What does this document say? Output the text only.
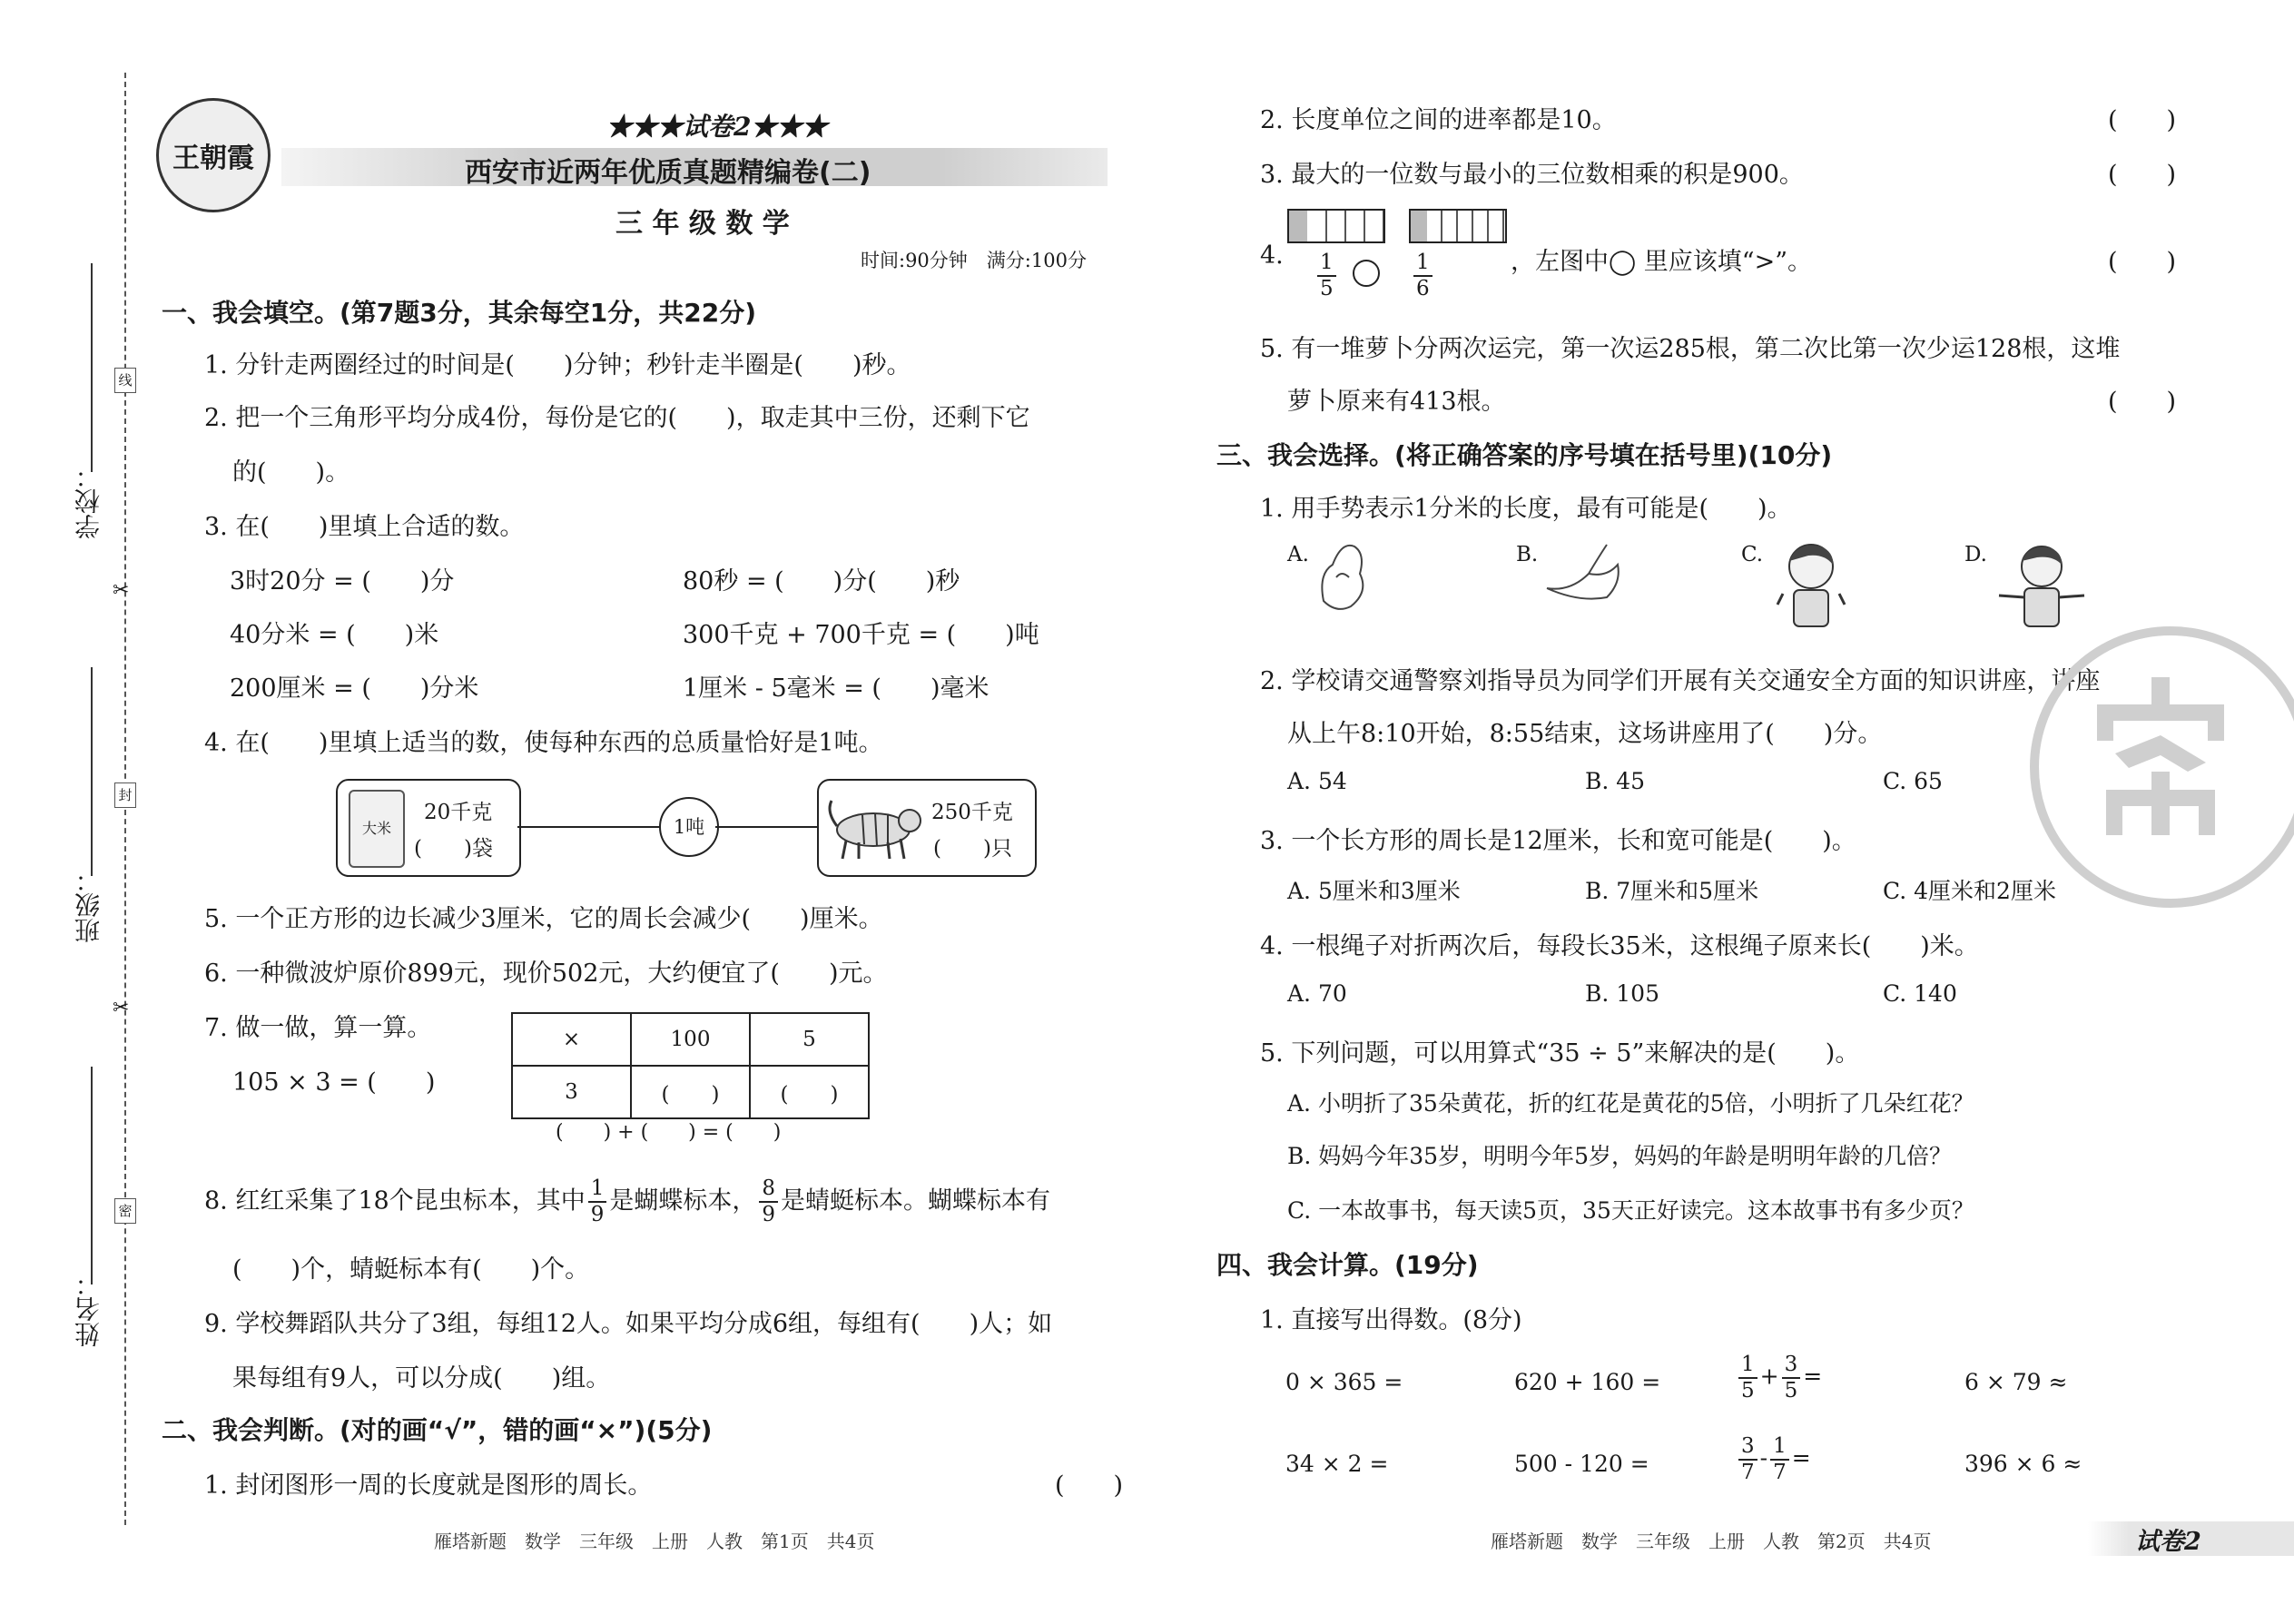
线
封
密
✂
✂
学校：
班级：
姓名：
王朝霞
★★★试卷2★★★
西安市近两年优质真题精编卷(二)
三 年 级 数 学
时间:90分钟　满分:100分
一、我会填空。(第7题3分，其余每空1分，共22分)
1. 分针走两圈经过的时间是(　　)分钟；秒针走半圈是(　　)秒。
2. 把一个三角形平均分成4份，每份是它的(　　)，取走其中三份，还剩下它
的(　　)。
3. 在(　　)里填上合适的数。
3时20分 = (　　)分	80秒 = (　　)分(　　)秒
40分米 = (　　)米	300千克 + 700千克 = (　　)吨
200厘米 = (　　)分米	1厘米 - 5毫米 = (　　)毫米
4. 在(　　)里填上适当的数，使每种东西的总质量恰好是1吨。
大米
20千克
(　　)袋
1吨
250千克
(　　)只
5. 一个正方形的边长减少3厘米，它的周长会减少(　　)厘米。
6. 一种微波炉原价899元，现价502元，大约便宜了(　　)元。
7. 做一做，算一算。
105 × 3 = (　　)
×	100	5
3	(　　)	(　　)
(　　) + (　　) = (　　)
8. 红红采集了18个昆虫标本，其中 $\frac{1}{9}$ 是蝴蝶标本， $\frac{8}{9}$ 是蜻蜓标本。蝴蝶标本有
(　　)个，蜻蜓标本有(　　)个。
9. 学校舞蹈队共分了3组，每组12人。如果平均分成6组，每组有(　　)人；如
果每组有9人，可以分成(　　)组。
二、我会判断。(对的画“√”，错的画“×”)(5分)
1. 封闭图形一周的长度就是图形的周长。	(　　)
雁塔新题　数学　三年级　上册　人教　第1页　共4页
2. 长度单位之间的进率都是10。	(　　)
3. 最大的一位数与最小的三位数相乘的积是900。	(　　)
4. $\frac{1}{5}$	$\frac{1}{6}$	，左图中◯ 里应该填“>”。	(　　)
5. 有一堆萝卜分两次运完，第一次运285根，第二次比第一次少运128根，这堆
萝卜原来有413根。	(　　)
三、我会选择。(将正确答案的序号填在括号里)(10分)
1. 用手势表示1分米的长度，最有可能是(　　)。
A.	B.	C.	D.
2. 学校请交通警察刘指导员为同学们开展有关交通安全方面的知识讲座，讲座
从上午8:10开始，8:55结束，这场讲座用了(　　)分。
A. 54	B. 45	C. 65
3. 一个长方形的周长是12厘米，长和宽可能是(　　)。
A. 5厘米和3厘米	B. 7厘米和5厘米	C. 4厘米和2厘米
4. 一根绳子对折两次后，每段长35米，这根绳子原来长(　　)米。
A. 70	B. 105	C. 140
5. 下列问题，可以用算式“35 ÷ 5”来解决的是(　　)。
A. 小明折了35朵黄花，折的红花是黄花的5倍，小明折了几朵红花？
B. 妈妈今年35岁，明明今年5岁，妈妈的年龄是明明年龄的几倍？
C. 一本故事书，每天读5页，35天正好读完。这本故事书有多少页？
四、我会计算。(19分)
1. 直接写出得数。(8分)
0 × 365 =	620 + 160 =	$\frac{1}{5} + \frac{3}{5}$ =	6 × 79 ≈
34 × 2 =	500 - 120 =	$\frac{3}{7} - \frac{1}{7}$ =	396 × 6 ≈
雁塔新题　数学　三年级　上册　人教　第2页　共4页	试卷2
